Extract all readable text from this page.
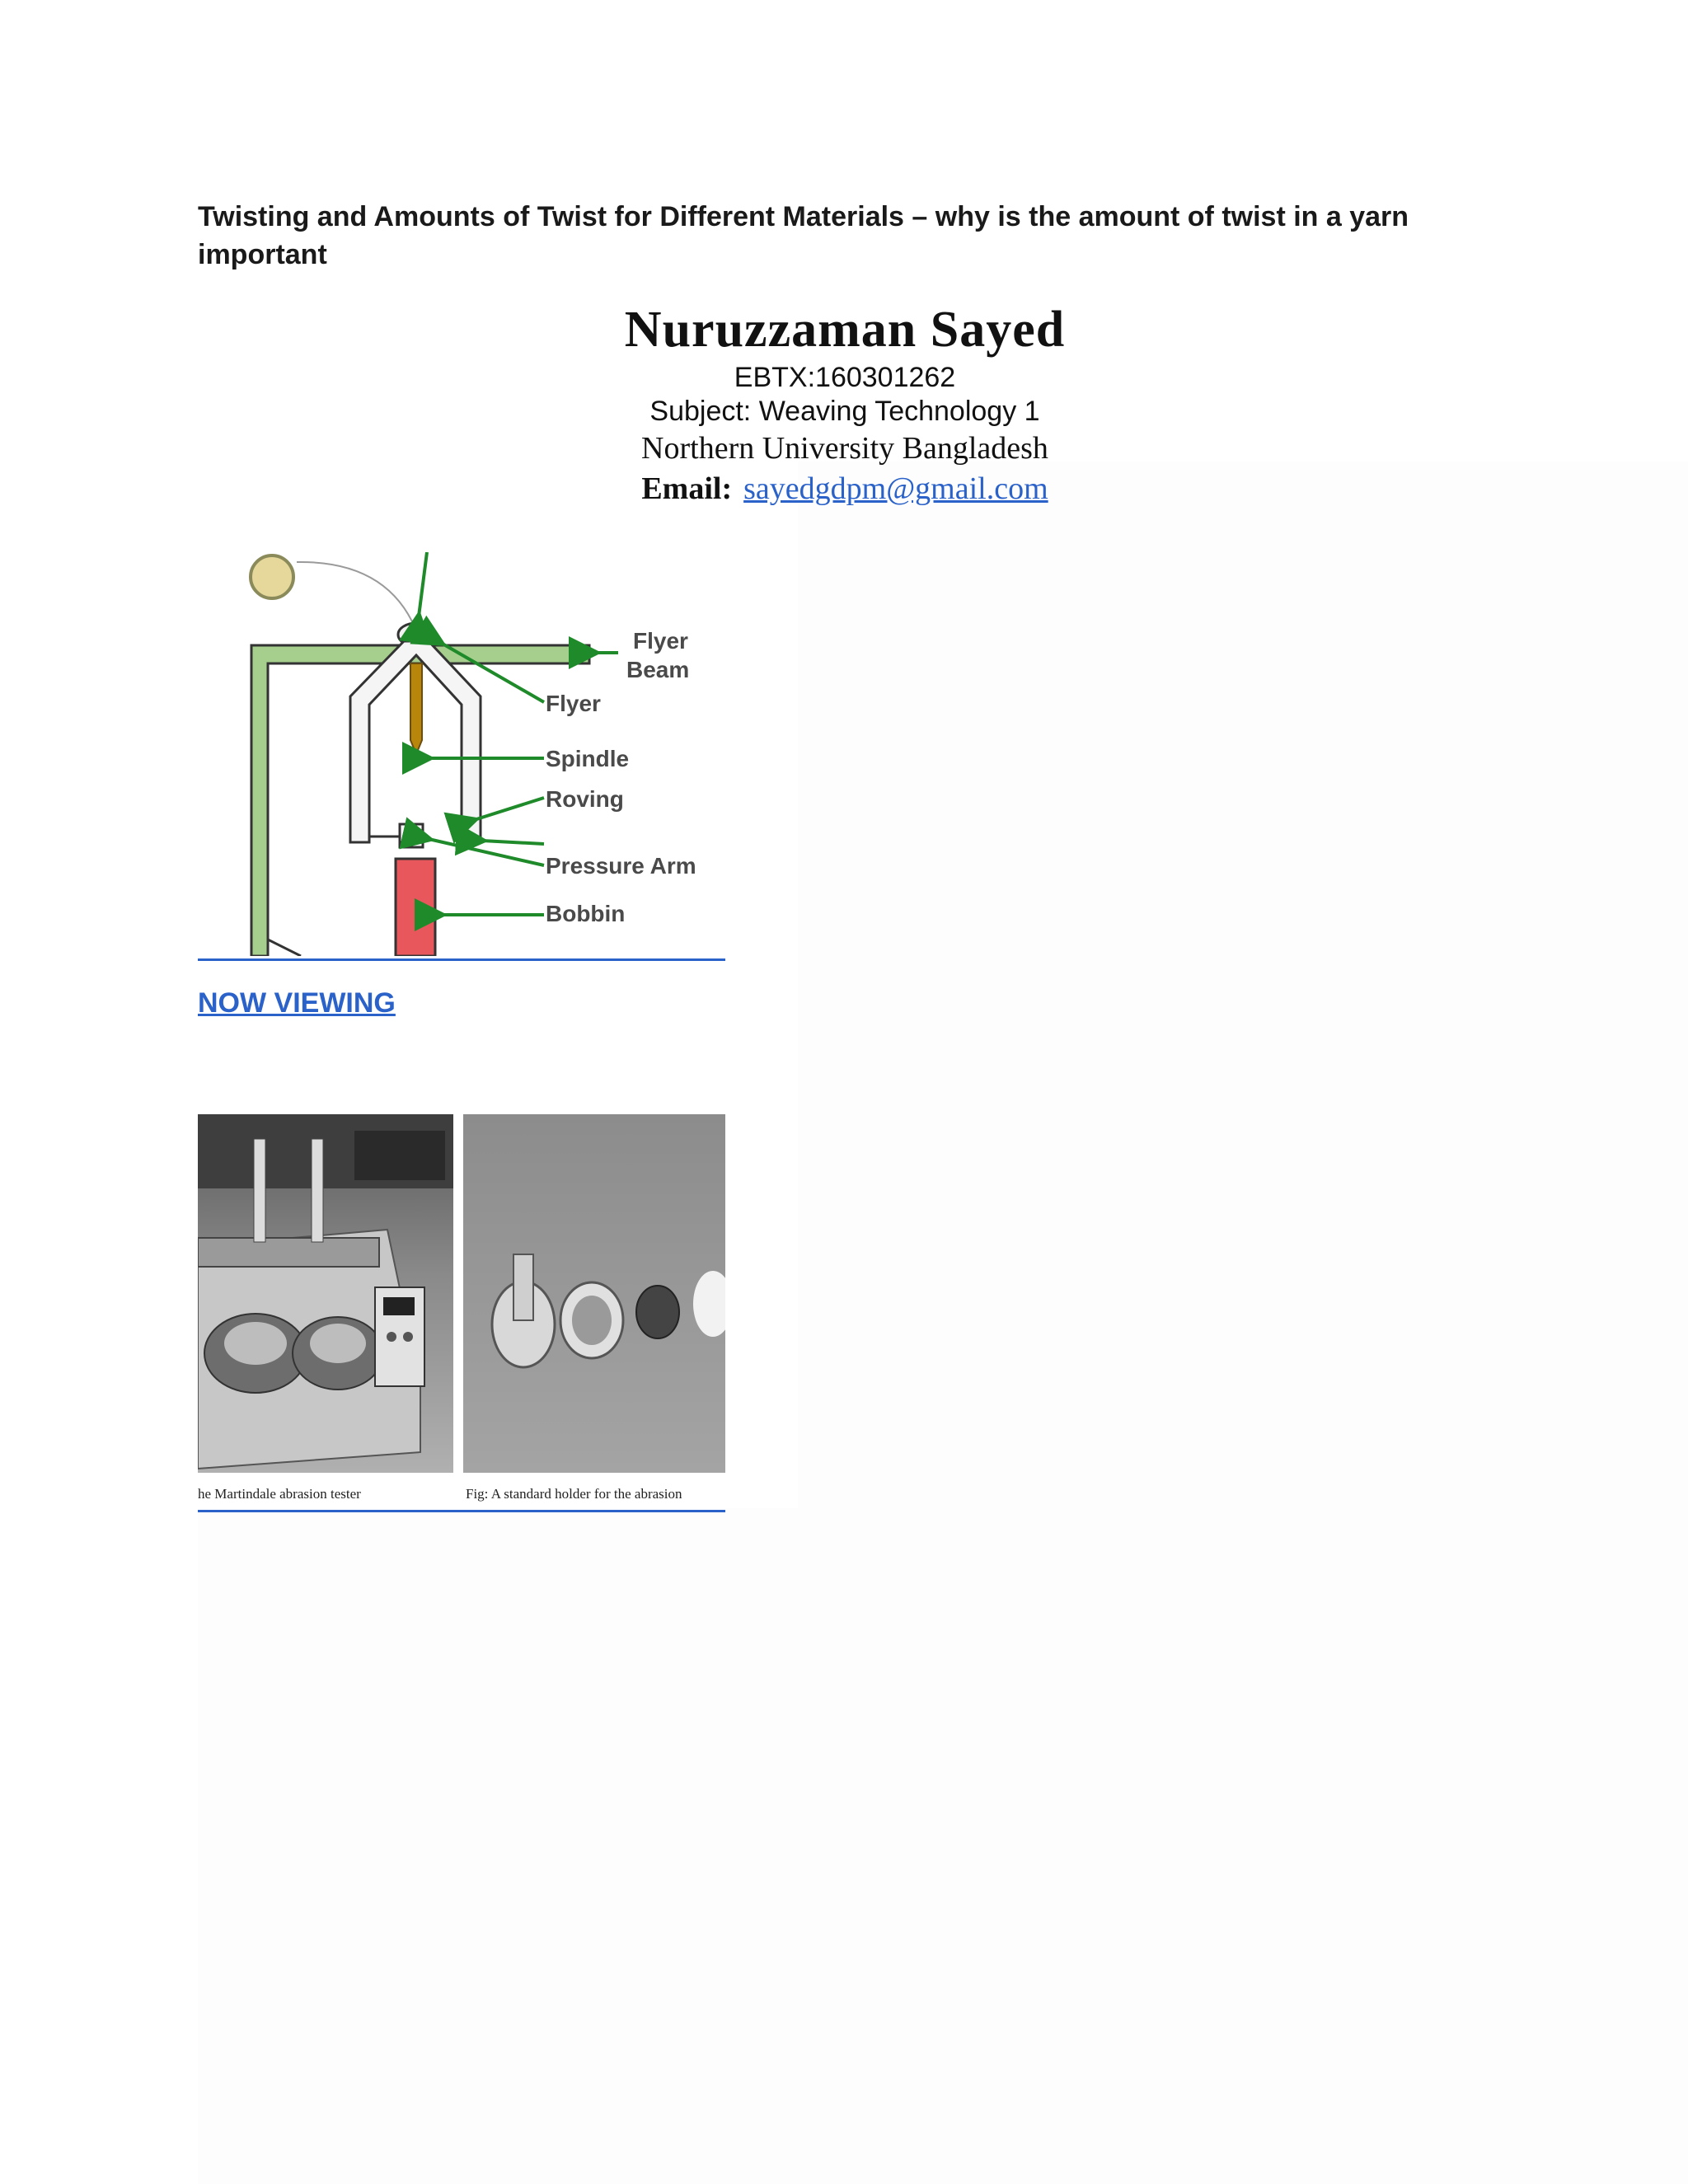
Twisting and Amounts of Twist for Different Materials – why is the amount of twist in a yarn important
Nuruzzaman Sayed
EBTX:160301262
Subject: Weaving Technology 1
Northern University Bangladesh
Email: sayedgdpm@gmail.com
Flyer
Beam
Flyer
Spindle
Roving
Pressure Arm
Bobbin
NOW VIEWING
he Martindale abrasion tester	Fig: A standard holder for the abrasion
